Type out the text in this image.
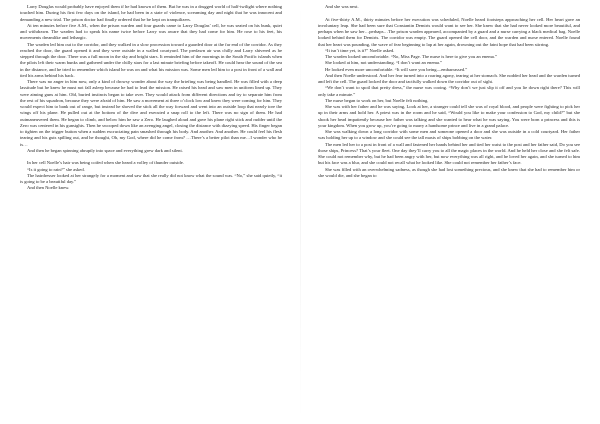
Larry Douglas would probably have enjoyed them if he had known of them. But he was in a drugged world of half-twilight where nothing touched him. During his first few days on the island, he had been in a state of violence, screaming day and night that he was innocent and demanding a new trial. The prison doctor had finally ordered that he be kept on tranquilizers.

At ten minutes before five A.M., when the prison warden and four guards came to Larry Douglas’ cell, he was seated on his bunk, quiet and withdrawn. The warden had to speak his name twice before Larry was aware that they had come for him. He rose to his feet, his movements dreamlike and lethargic.

The warden led him out to the corridor, and they walked in a slow procession toward a guarded door at the far end of the corridor. As they reached the door, the guard opened it and they were outside in a walled courtyard. The predawn air was chilly and Larry shivered as he stepped through the door. There was a full moon in the sky and bright stars. It reminded him of the mornings in the South Pacific islands when the pilots left their warm bunks and gathered under the chilly stars for a last minute briefing before takeoff. He could hear the sound of the sea in the distance, and he tried to remember which island he was on and what his mission was. Some men led him to a post in front of a wall and tied his arms behind his back.

There was no anger in him now, only a kind of drowsy wonder about the way the briefing was being handled. He was filled with a deep lassitude but he knew he must not fall asleep because he had to lead the mission. He raised his head and saw men in uniform lined up. They were aiming guns at him. Old, buried instincts began to take over. They would attack from different directions and try to separate him from the rest of his squadron, because they were afraid of him. He saw a movement at three o’clock low and knew they were coming for him. They would expect him to bank out of range, but instead he shoved the stick all the way forward and went into an outside loop that nearly tore the wings off his plane. He pulled out at the bottom of the dive and executed a snap roll to the left. There was no sign of them. He had outmaneuvered them. He began to climb, and below him he saw a Zero. He laughed aloud and gave his plane right stick and rudder until the Zero was centered in his gunsights. Then he swooped down like an avenging angel, closing the distance with dizzying speed. His finger began to tighten on the trigger button when a sudden excruciating pain smashed through his body. And another. And another. He could feel his flesh tearing and his guts spilling out, and he thought, Oh, my God, where did he come from? …There’s a better pilot than me…I wonder who he is…

And then he began spinning abruptly into space and everything grew dark and silent.

In her cell Noelle’s hair was being coifed when she heard a volley of thunder outside.

“Is it going to rain?” she asked.

The hairdresser looked at her strangely for a moment and saw that she really did not know what the sound was. “No,” she said quietly, “it is going to be a beautiful day.”

And then Noelle knew.

And she was next.

At five-thirty A.M., thirty minutes before her execution was scheduled, Noelle heard footsteps approaching her cell. Her heart gave an involuntary leap. She had been sure that Constantin Demiris would want to see her. She knew that she had never looked more beautiful, and perhaps when he saw her…perhaps…The prison warden appeared, accompanied by a guard and a nurse carrying a black medical bag. Noelle looked behind them for Demiris. The corridor was empty. The guard opened the cell door, and the warden and nurse entered. Noelle found that her heart was pounding, the wave of fear beginning to lap at her again, drowning out the faint hope that had been stirring.

“It isn’t time yet, is it?” Noelle asked.

The warden looked uncomfortable. “No, Miss Page. The nurse is here to give you an enema.”

She looked at him, not understanding. “I don’t want an enema.”

He looked even more uncomfortable. “It will save you being—embarrassed.”

And then Noelle understood. And her fear turned into a roaring agony, tearing at her stomach. She nodded her head and the warden turned and left the cell. The guard locked the door and tactfully walked down the corridor out of sight.

“We don’t want to spoil that pretty dress,” the nurse was cooing. “Why don’t we just slip it off and you lie down right there? This will only take a minute.”

The nurse began to work on her, but Noelle felt nothing.

She was with her father and he was saying, Look at her, a stranger could tell she was of royal blood, and people were fighting to pick her up in their arms and hold her. A priest was in the room and he said, “Would you like to make your confession to God, my child?” but she shook her head impatiently because her father was talking and she wanted to hear what he was saying. You were born a princess and this is your kingdom. When you grow up, you’re going to marry a handsome prince and live in a grand palace.

She was walking down a long corridor with some men and someone opened a door and she was outside in a cold courtyard. Her father was holding her up to a window and she could see the tall masts of ships bobbing on the water.

The men led her to a post in front of a wall and fastened her hands behind her and tied her waist to the post and her father said, Do you see those ships, Princess? That’s your fleet. One day they’ll carry you to all the magic places in the world. And he held her close and she felt safe. She could not remember why, but he had been angry with her, but now everything was all right, and he loved her again, and she turned to him but his face was a blur, and she could not recall what he looked like. She could not remember her father’s face.

She was filled with an overwhelming sadness, as though she had lost something precious, and she knew that she had to remember him or she would die, and she began to
